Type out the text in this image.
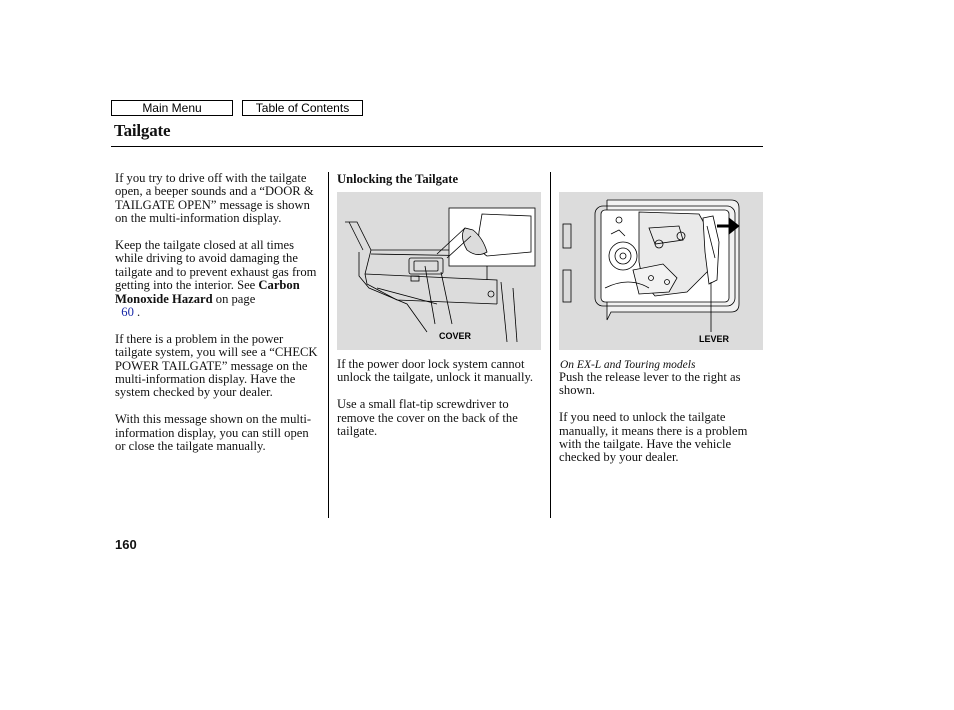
Main Menu	Table of Contents
Tailgate

If you try to drive off with the tailgate open, a beeper sounds and a “DOOR & TAILGATE OPEN” message is shown on the multi-information display.

Keep the tailgate closed at all times while driving to avoid damaging the tailgate and to prevent exhaust gas from getting into the interior. See Carbon Monoxide Hazard on page
60 .

If there is a problem in the power tailgate system, you will see a “CHECK POWER TAILGATE” message on the multi-information display. Have the system checked by your dealer.

With this message shown on the multi-information display, you can still open or close the tailgate manually.

Unlocking the Tailgate
COVER

If the power door lock system cannot unlock the tailgate, unlock it manually.

Use a small flat-tip screwdriver to remove the cover on the back of the tailgate.

LEVER
On EX-L and Touring models

Push the release lever to the right as shown.

If you need to unlock the tailgate manually, it means there is a problem with the tailgate. Have the vehicle checked by your dealer.

160
